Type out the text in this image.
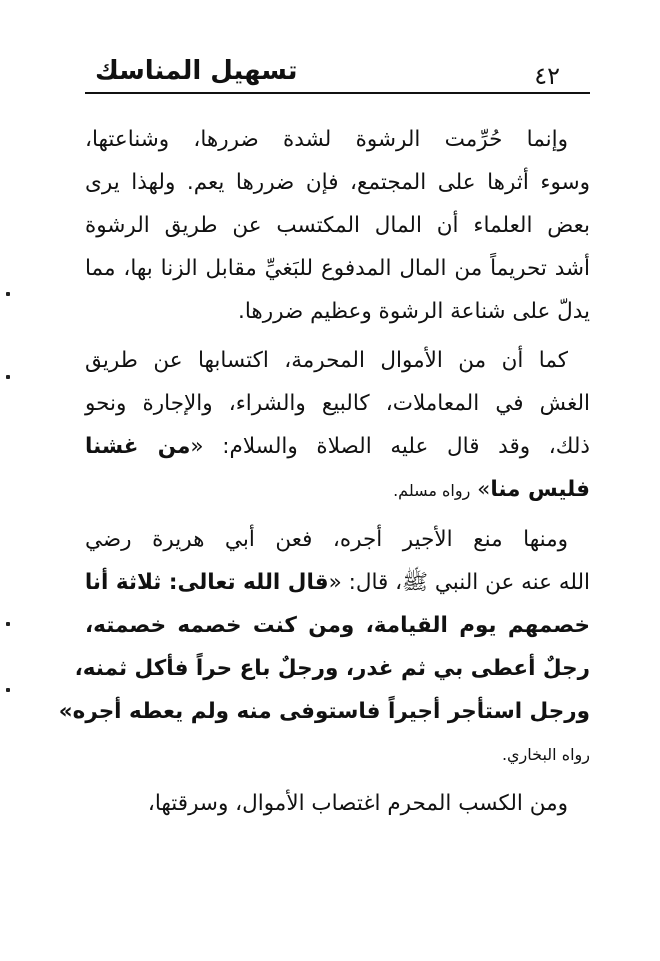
تسهيل المناسك	٤٢

وإنما حُرِّمت الرشوة لشدة ضررها، وشناعتها،
وسوء أثرها على المجتمع، فإن ضررها يعم. ولهذا يرى
بعض العلماء أن المال المكتسب عن طريق الرشوة
أشد تحريماً من المال المدفوع للبَغيِّ مقابل الزنا بها، مما
يدلّ على شناعة الرشوة وعظيم ضررها.

كما أن من الأموال المحرمة، اكتسابها عن طريق
الغش في المعاملات، كالبيع والشراء، والإجارة ونحو
ذلك، وقد قال عليه الصلاة والسلام: «من غشنا
فليس منا» رواه مسلم.

ومنها منع الأجير أجره، فعن أبي هريرة رضي
الله عنه عن النبي ﷺ، قال: «قال الله تعالى: ثلاثة أنا
خصمهم يوم القيامة، ومن كنت خصمه خصمته،
رجلٌ أعطى بي ثم غدر، ورجلٌ باع حراً فأكل ثمنه،
ورجل استأجر أجيراً فاستوفى منه ولم يعطه أجره»
رواه البخاري.

ومن الكسب المحرم اغتصاب الأموال، وسرقتها،
